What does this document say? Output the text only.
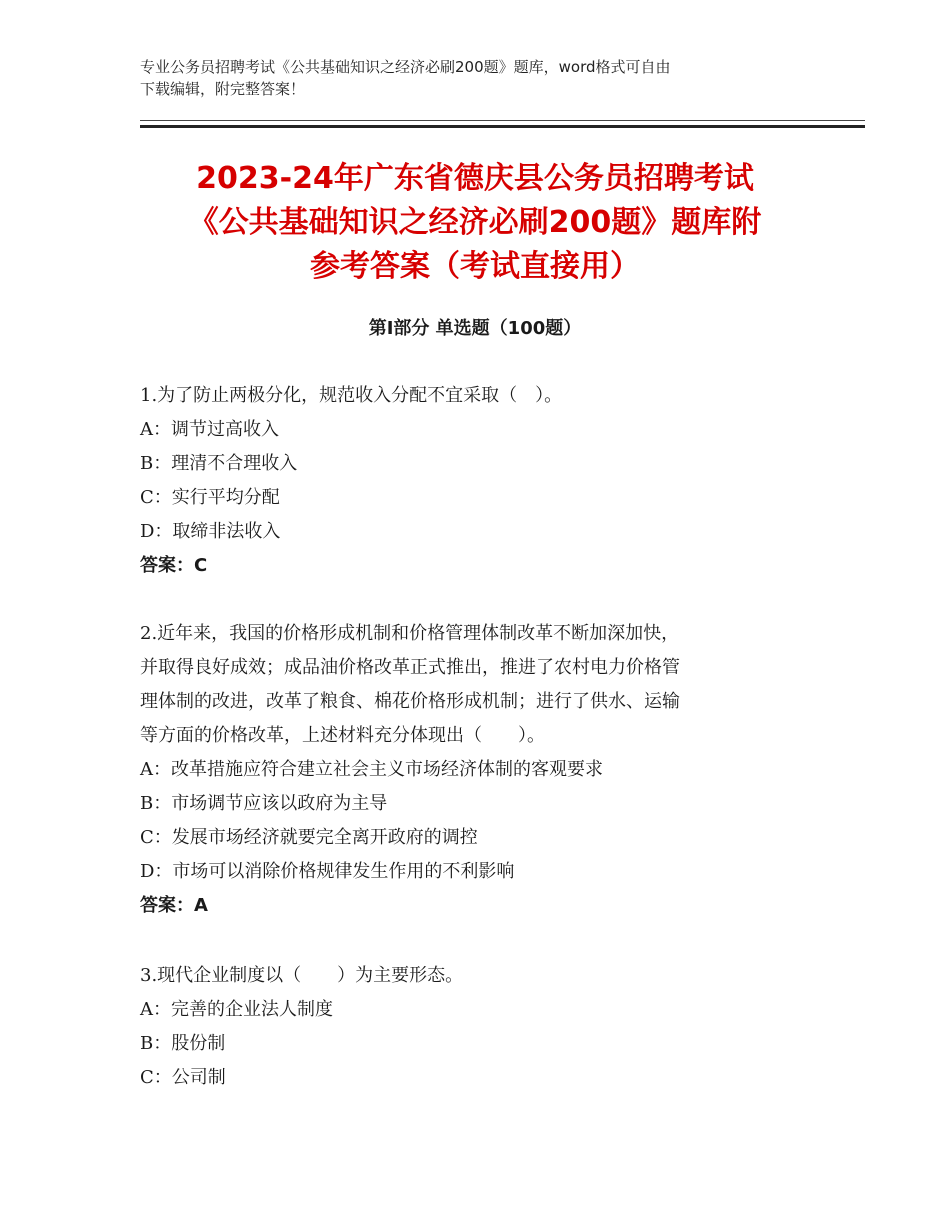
专业公务员招聘考试《公共基础知识之经济必刷200题》题库，word格式可自由
下载编辑，附完整答案！
2023-24年广东省德庆县公务员招聘考试
《公共基础知识之经济必刷200题》题库附
参考答案（考试直接用）
第Ⅰ部分 单选题（100题）
1.为了防止两极分化，规范收入分配不宜采取（　）。
A：调节过高收入
B：理清不合理收入
C：实行平均分配
D：取缔非法收入
答案：C
2.近年来，我国的价格形成机制和价格管理体制改革不断加深加快，
并取得良好成效；成品油价格改革正式推出，推进了农村电力价格管
理体制的改进，改革了粮食、棉花价格形成机制；进行了供水、运输
等方面的价格改革，上述材料充分体现出（　　）。
A：改革措施应符合建立社会主义市场经济体制的客观要求
B：市场调节应该以政府为主导
C：发展市场经济就要完全离开政府的调控
D：市场可以消除价格规律发生作用的不利影响
答案：A
3.现代企业制度以（　　）为主要形态。
A：完善的企业法人制度
B：股份制
C：公司制
